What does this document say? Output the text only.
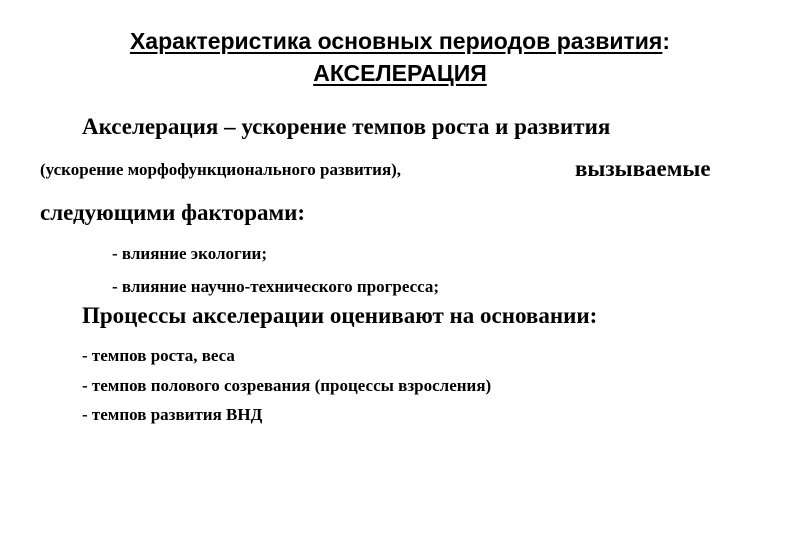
Характеристика основных периодов развития:
АКСЕЛЕРАЦИЯ
Акселерация – ускорение темпов роста и развития
(ускорение морфофункционального развития),	вызываемые
следующими факторами:
- влияние экологии;
- влияние научно-технического прогресса;
Процессы акселерации оценивают на основании:
- темпов роста, веса
- темпов полового созревания (процессы взросления)
- темпов развития ВНД
